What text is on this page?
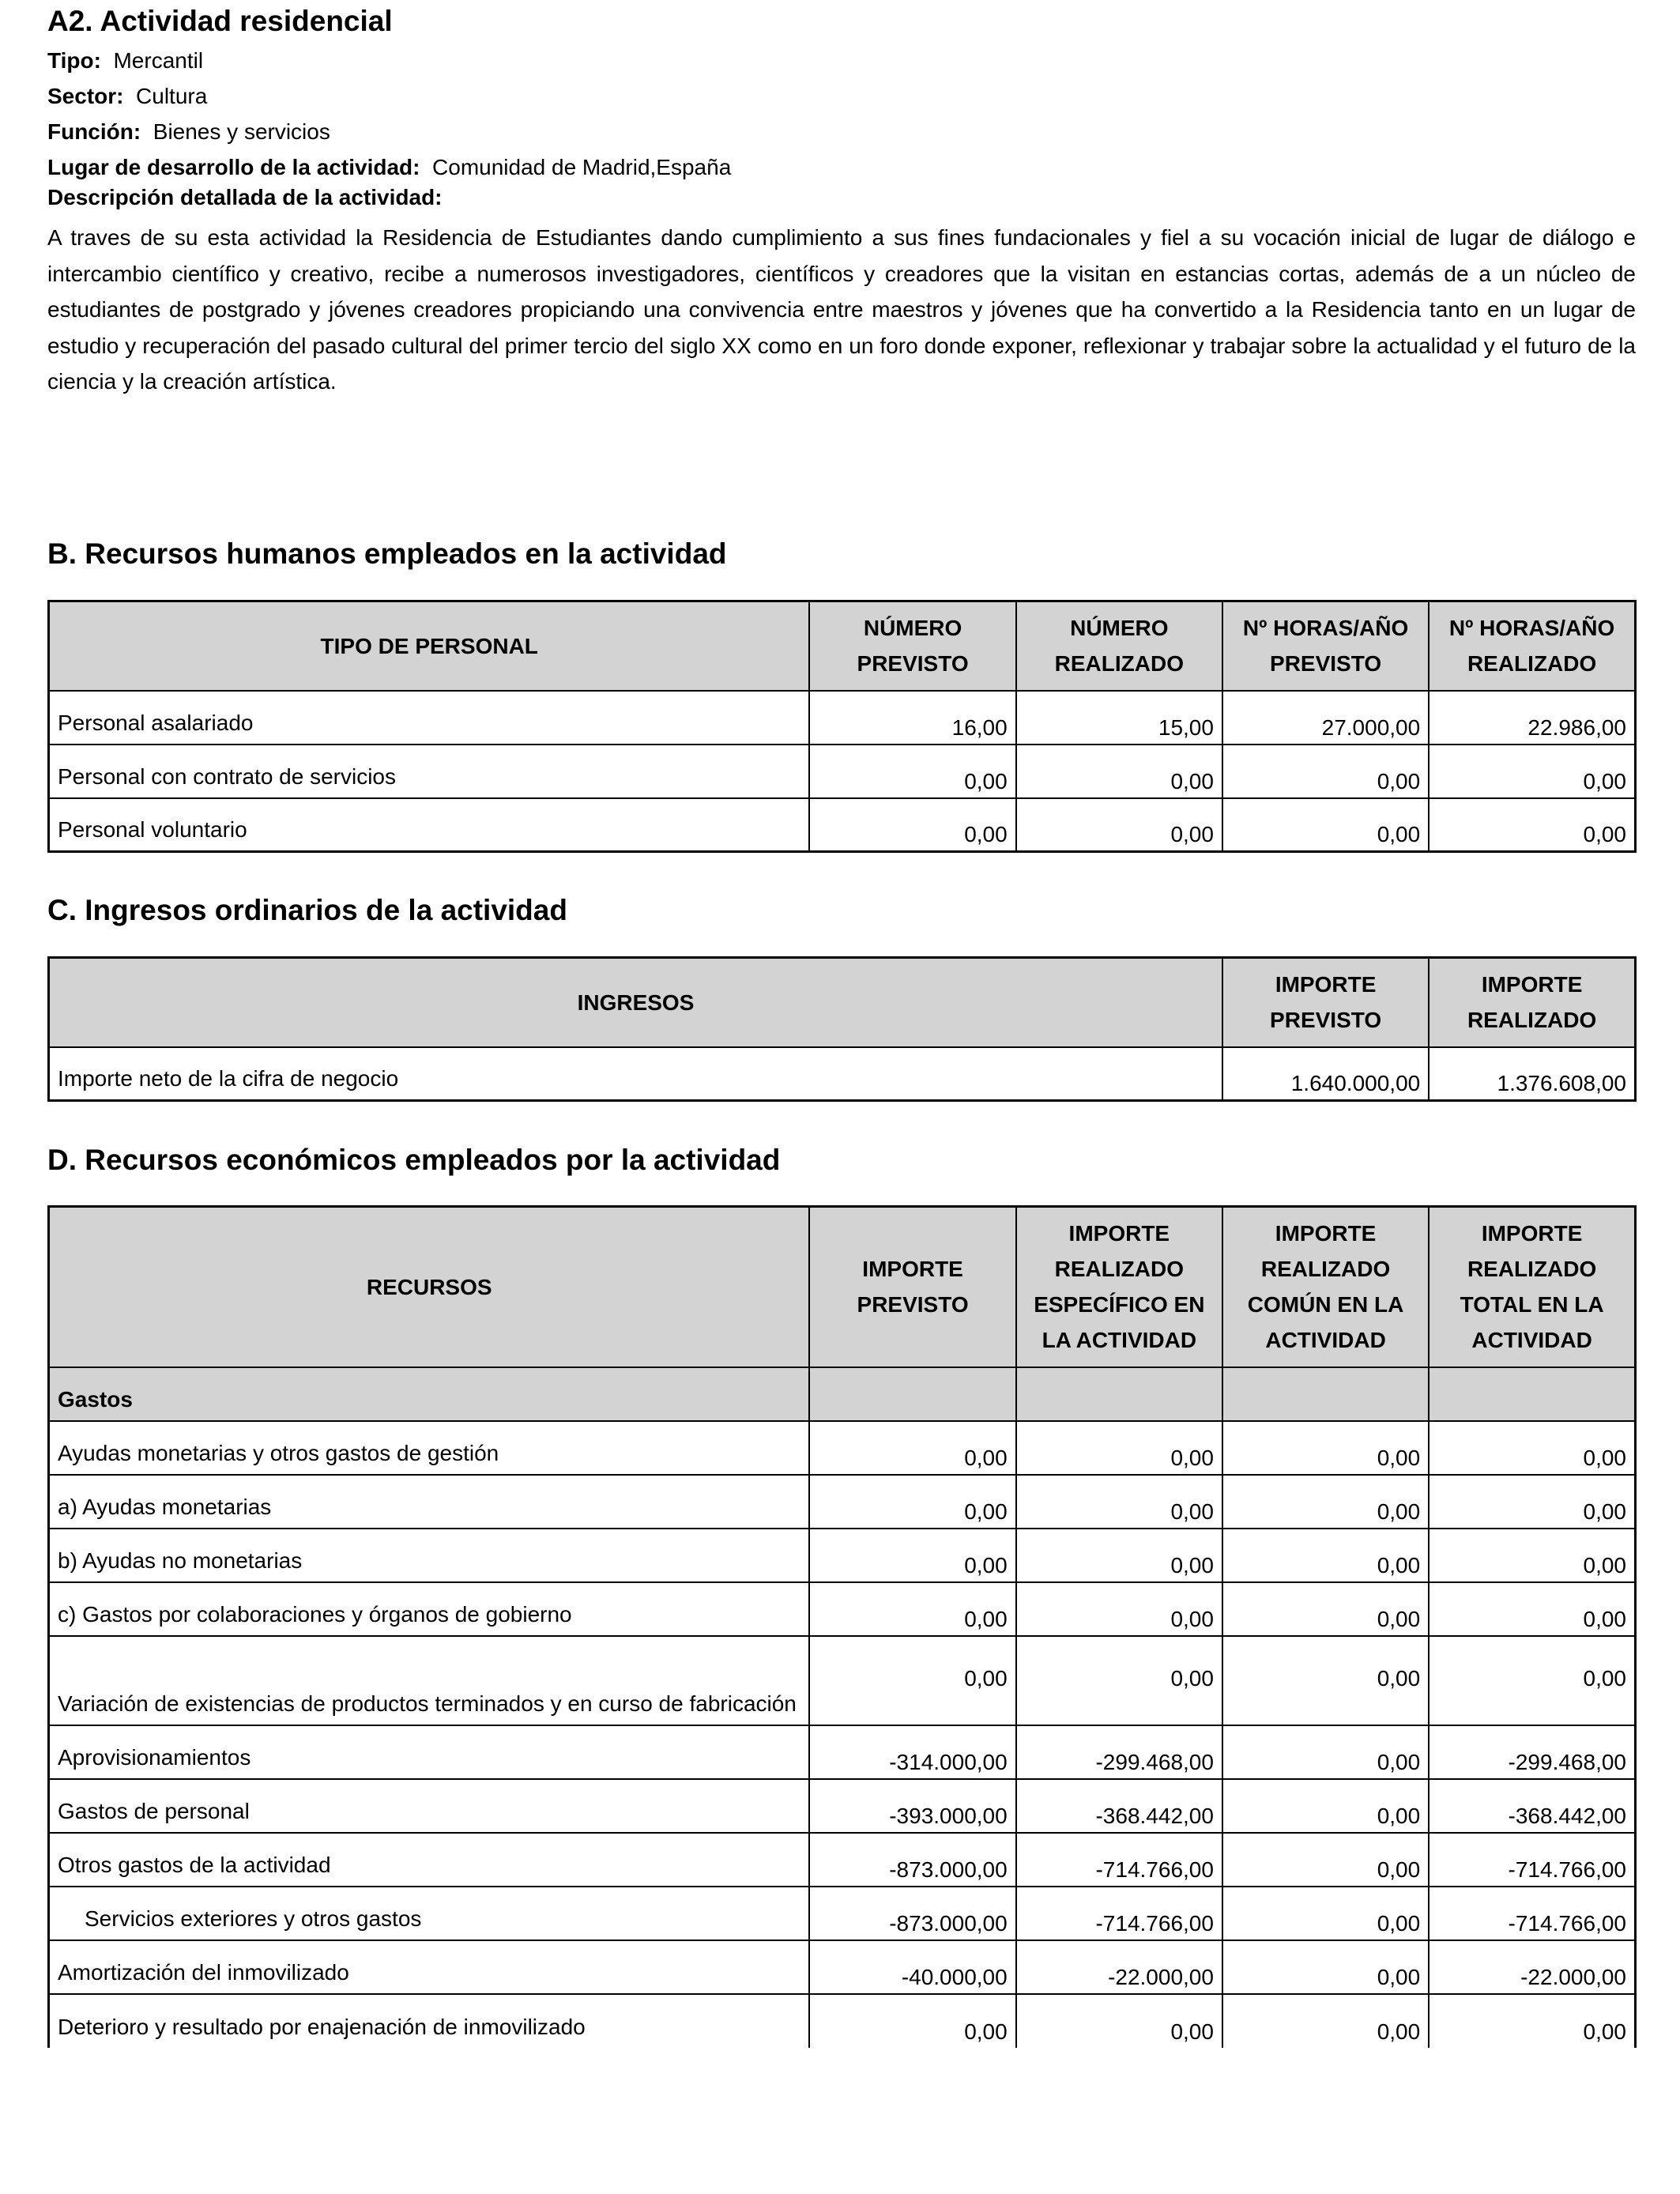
A2. Actividad residencial
Tipo: Mercantil
Sector: Cultura
Función: Bienes y servicios
Lugar de desarrollo de la actividad: Comunidad de Madrid,España
Descripción detallada de la actividad:
A traves de su esta actividad la Residencia de Estudiantes dando cumplimiento a sus fines fundacionales y fiel a su vocación inicial de lugar de diálogo e intercambio científico y creativo, recibe a numerosos investigadores, científicos y creadores que la visitan en estancias cortas, además de a un núcleo de estudiantes de postgrado y jóvenes creadores propiciando una convivencia entre maestros y jóvenes que ha convertido a la Residencia tanto en un lugar de estudio y recuperación del pasado cultural del primer tercio del siglo XX como en un foro donde exponer, reflexionar y trabajar sobre la actualidad y el futuro de la ciencia y la creación artística.
B. Recursos humanos empleados en la actividad
TIPO DE PERSONAL	NÚMERO PREVISTO	NÚMERO REALIZADO	Nº HORAS/AÑO PREVISTO	Nº HORAS/AÑO REALIZADO
Personal asalariado	16,00	15,00	27.000,00	22.986,00
Personal con contrato de servicios	0,00	0,00	0,00	0,00
Personal voluntario	0,00	0,00	0,00	0,00
C. Ingresos ordinarios de la actividad
INGRESOS	IMPORTE PREVISTO	IMPORTE REALIZADO
Importe neto de la cifra de negocio	1.640.000,00	1.376.608,00
D. Recursos económicos empleados por la actividad
RECURSOS	IMPORTE PREVISTO	IMPORTE REALIZADO ESPECÍFICO EN LA ACTIVIDAD	IMPORTE REALIZADO COMÚN EN LA ACTIVIDAD	IMPORTE REALIZADO TOTAL EN LA ACTIVIDAD
Gastos				
Ayudas monetarias y otros gastos de gestión	0,00	0,00	0,00	0,00
a) Ayudas monetarias	0,00	0,00	0,00	0,00
b) Ayudas no monetarias	0,00	0,00	0,00	0,00
c) Gastos por colaboraciones y órganos de gobierno	0,00	0,00	0,00	0,00
Variación de existencias de productos terminados y en curso de fabricación	0,00	0,00	0,00	0,00
Aprovisionamientos	-314.000,00	-299.468,00	0,00	-299.468,00
Gastos de personal	-393.000,00	-368.442,00	0,00	-368.442,00
Otros gastos de la actividad	-873.000,00	-714.766,00	0,00	-714.766,00
Servicios exteriores y otros gastos	-873.000,00	-714.766,00	0,00	-714.766,00
Amortización del inmovilizado	-40.000,00	-22.000,00	0,00	-22.000,00
Deterioro y resultado por enajenación de inmovilizado	0,00	0,00	0,00	0,00
